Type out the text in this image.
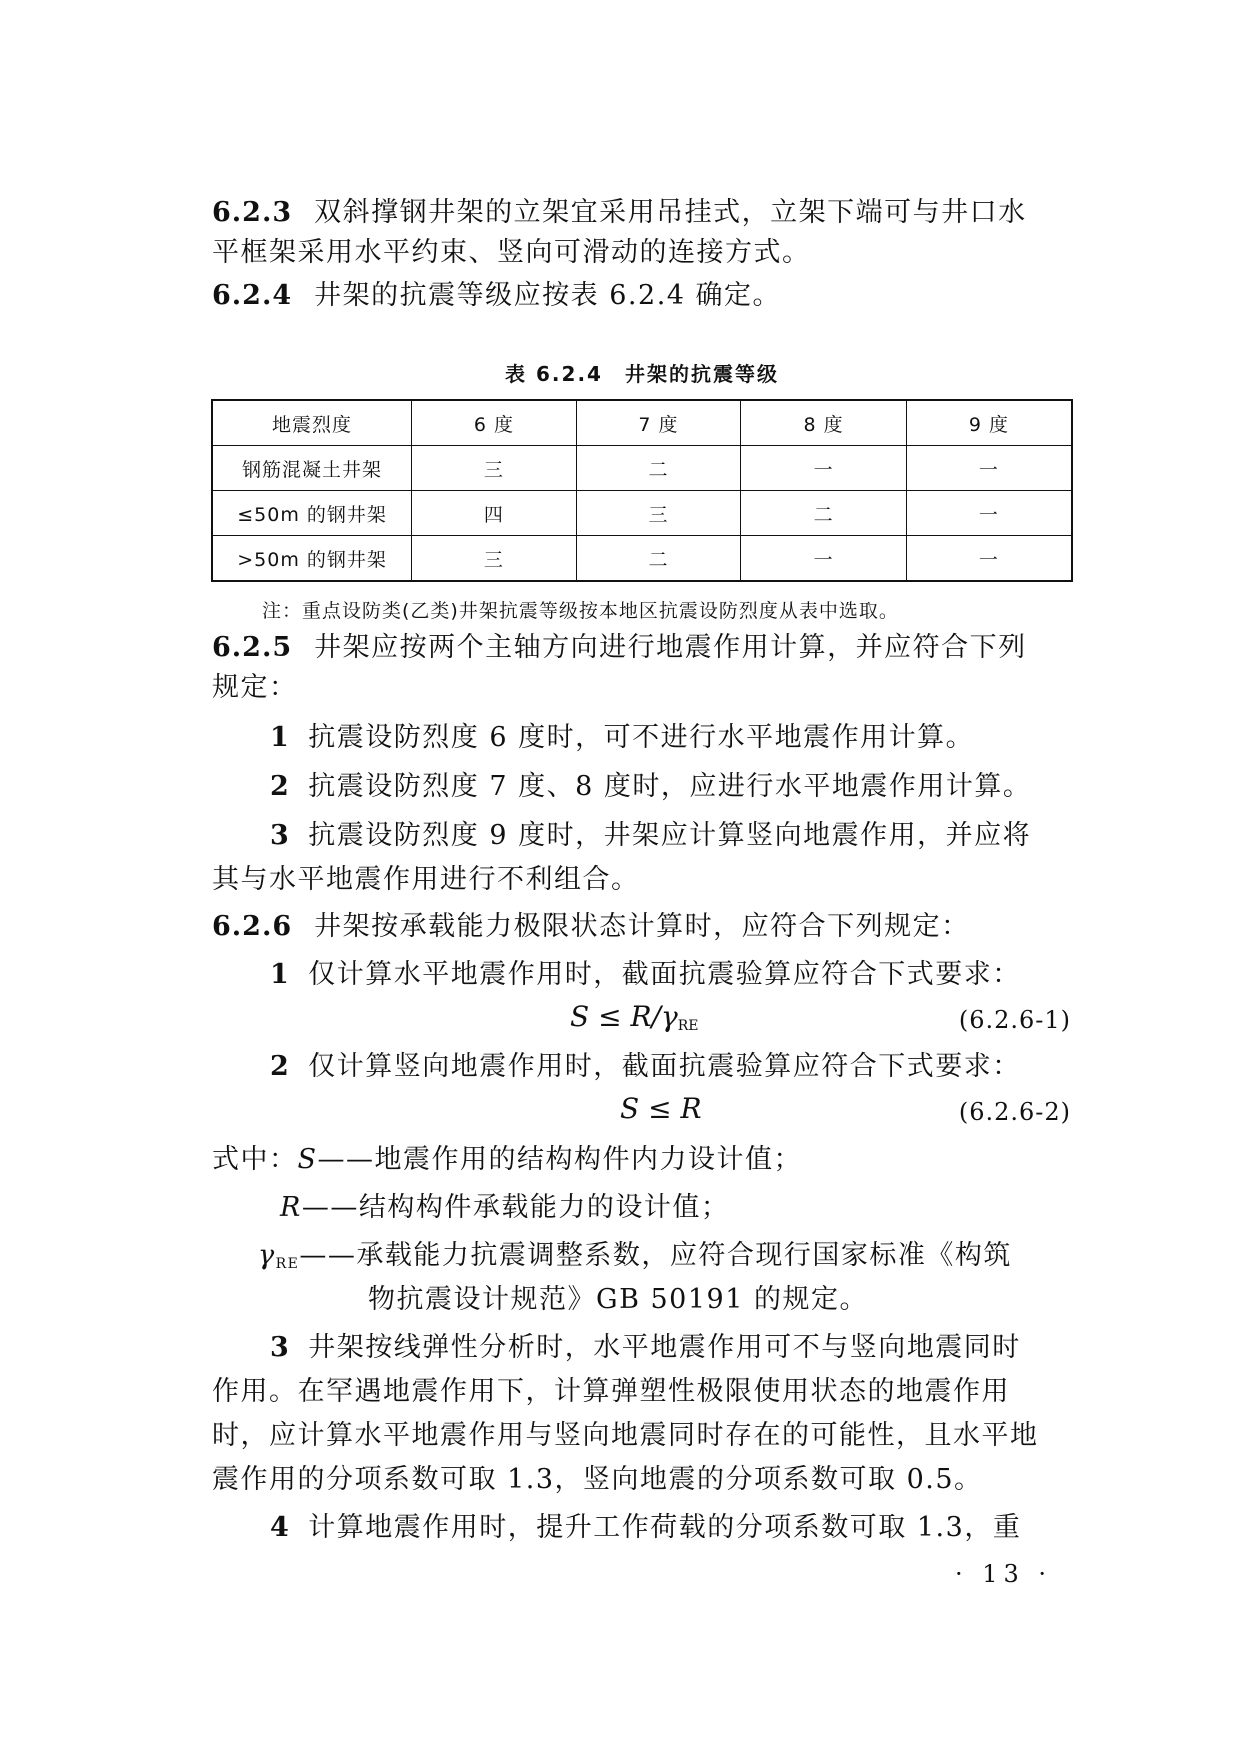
6.2.3 双斜撑钢井架的立架宜采用吊挂式，立架下端可与井口水
平框架采用水平约束、竖向可滑动的连接方式。
6.2.4 井架的抗震等级应按表 6.2.4 确定。
表 6.2.4　井架的抗震等级
地震烈度	6 度	7 度	8 度	9 度
钢筋混凝土井架	三	二	一	一
≤50m 的钢井架	四	三	二	一
>50m 的钢井架	三	二	一	一
注：重点设防类(乙类)井架抗震等级按本地区抗震设防烈度从表中选取。
6.2.5 井架应按两个主轴方向进行地震作用计算，并应符合下列
规定：
1 抗震设防烈度 6 度时，可不进行水平地震作用计算。
2 抗震设防烈度 7 度、8 度时，应进行水平地震作用计算。
3 抗震设防烈度 9 度时，井架应计算竖向地震作用，并应将
其与水平地震作用进行不利组合。
6.2.6 井架按承载能力极限状态计算时，应符合下列规定：
1 仅计算水平地震作用时，截面抗震验算应符合下式要求：
$S \le R/\gamma_{RE}$	(6.2.6-1)
2 仅计算竖向地震作用时，截面抗震验算应符合下式要求：
S ≤ R	(6.2.6-2)
式中：S——地震作用的结构构件内力设计值；
R——结构构件承载能力的设计值；
$\gamma_{RE}——$承载能力抗震调整系数，应符合现行国家标准《构筑
物抗震设计规范》GB 50191 的规定。
3 井架按线弹性分析时，水平地震作用可不与竖向地震同时
作用。在罕遇地震作用下，计算弹塑性极限使用状态的地震作用
时，应计算水平地震作用与竖向地震同时存在的可能性，且水平地
震作用的分项系数可取 1.3，竖向地震的分项系数可取 0.5。
4 计算地震作用时，提升工作荷载的分项系数可取 1.3，重
· 13 ·
